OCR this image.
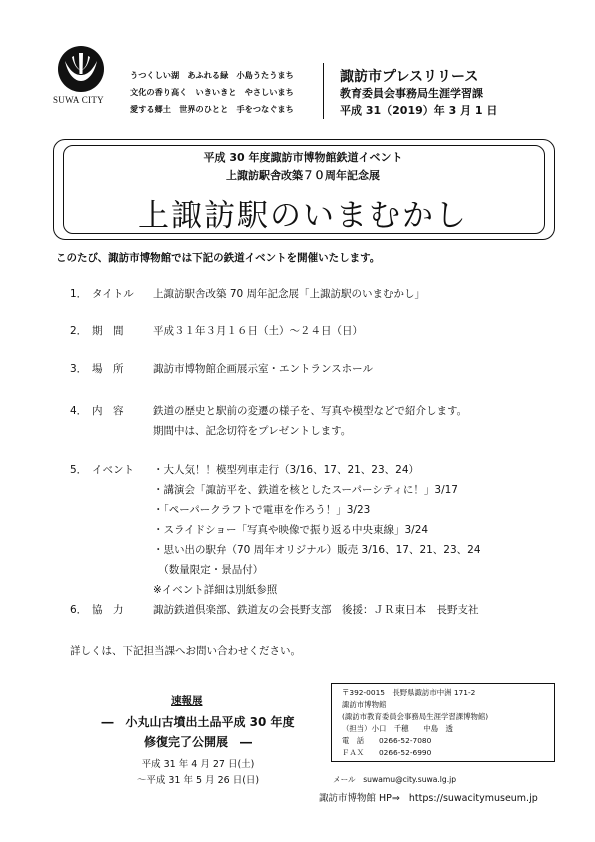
SUWA CITY
うつくしい湖　あふれる緑　小島うたうまち
文化の香り高く　いきいきと　やさしいまち
愛する郷土　世界のひとと　手をつなぐまち
諏訪市プレスリリース
教育委員会事務局生涯学習課
平成 31（2019）年 3 月 1 日
平成 30 年度諏訪市博物館鉄道イベント
上諏訪駅舎改築７０周年記念展
上諏訪駅のいまむかし
このたび、諏訪市博物館では下記の鉄道イベントを開催いたします。
1． タイトル 上諏訪駅舎改築 70 周年記念展「上諏訪駅のいまむかし」
2． 期　間	平成３１年３月１６日（土）～２４日（日）
3． 場　所	諏訪市博物館企画展示室・エントランスホール
4． 内　容	鉄道の歴史と駅前の変遷の様子を、写真や模型などで紹介します。
期間中は、記念切符をプレゼントします。
5． イベント ・大人気！！模型列車走行（3/16、17、21、23、24）
・講演会「諏訪平を、鉄道を核としたスーパーシティに！」3/17
・「ペーパークラフトで電車を作ろう！」3/23
・スライドショー「写真や映像で振り返る中央東線」3/24
・思い出の駅弁（70 周年オリジナル）販売 3/16、17、21、23、24
　（数量限定・景品付）
※イベント詳細は別紙参照
6． 協　力	諏訪鉄道倶楽部、鉄道友の会長野支部　後援：ＪＲ東日本　長野支社
詳しくは、下記担当課へお問い合わせください。
速報展
―　小丸山古墳出土品平成 30 年度
修復完了公開展　―
平成 31 年 4 月 27 日(土)
～平成 31 年 5 月 26 日(日)
〒392-0015　長野県諏訪市中洲 171-2
諏訪市博物館
(諏訪市教育委員会事務局生涯学習課博物館)
（担当）小口　千穂　　中島　透
電　話　　0266-52-7080
ＦＡＸ　　0266-52-6990
メール　suwamu@city.suwa.lg.jp
諏訪市博物館 HP⇒ https://suwacitymuseum.jp
